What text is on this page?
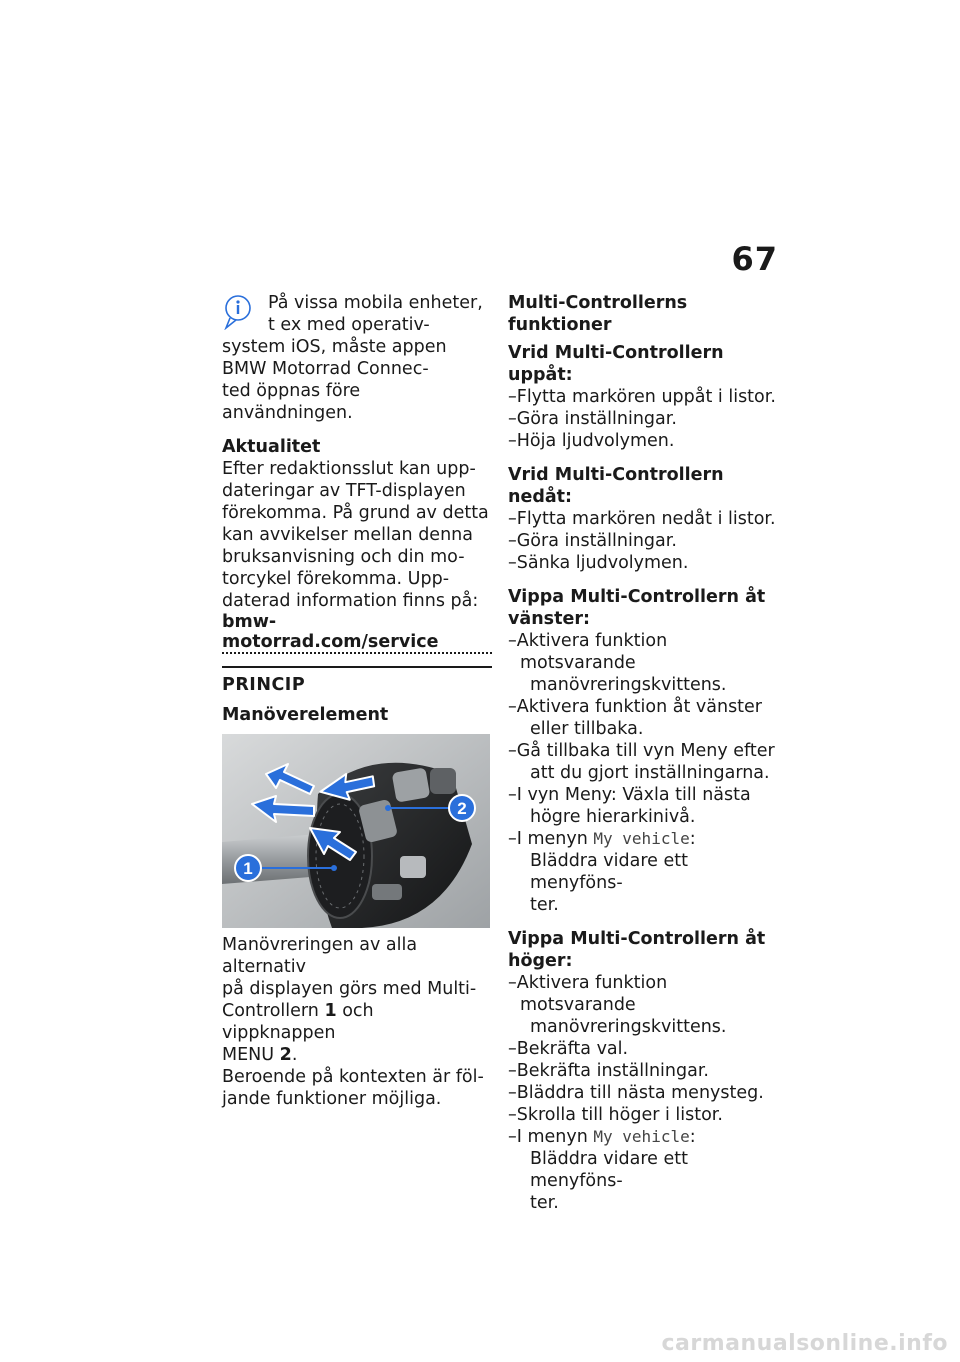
67
På vissa mobila enheter,
t ex med operativ-
system iOS, måste appen
BMW Motorrad Connec-
ted öppnas före användningen.
Aktualitet
Efter redaktionsslut kan upp-
dateringar av TFT-displayen
förekomma. På grund av detta
kan avvikelser mellan denna
bruksanvisning och din mo-
torcykel förekomma. Upp-
daterad information finns på:
bmw-motorrad.com/service
PRINCIP
Manöverelement
1
2
Manövreringen av alla alternativ
på displayen görs med Multi-
Controllern 1 och vippknappen
MENU 2.
Beroende på kontexten är föl-
jande funktioner möjliga.
Multi-Controllerns funktioner
Vrid Multi-Controllern uppåt:
–Flytta markören uppåt i listor.
–Göra inställningar.
–Höja ljudvolymen.
Vrid Multi-Controllern nedåt:
–Flytta markören nedåt i listor.
–Göra inställningar.
–Sänka ljudvolymen.
Vippa Multi-Controllern åt
vänster:
–Aktivera funktion motsvarande
manövreringskvittens.
–Aktivera funktion åt vänster
eller tillbaka.
–Gå tillbaka till vyn Meny efter
att du gjort inställningarna.
–I vyn Meny: Växla till nästa
högre hierarkinivå.
–I menyn My vehicle:
Bläddra vidare ett menyföns-
ter.
Vippa Multi-Controllern åt
höger:
–Aktivera funktion motsvarande
manövreringskvittens.
–Bekräfta val.
–Bekräfta inställningar.
–Bläddra till nästa menysteg.
–Skrolla till höger i listor.
–I menyn My vehicle:
Bläddra vidare ett menyföns-
ter.
carmanualsonline.info
